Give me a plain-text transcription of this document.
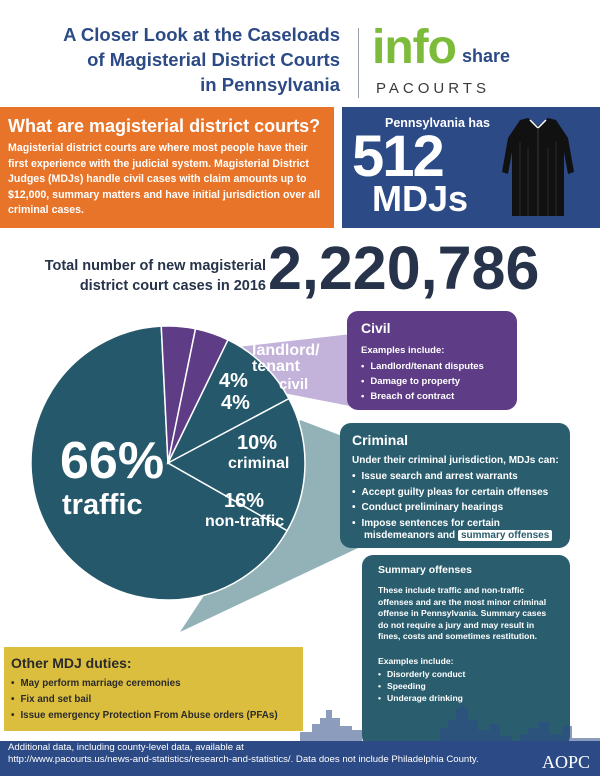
A Closer Look at the Caseloads
of Magisterial District Courts
in Pennsylvania
info share
PACOURTS
What are magisterial district courts?

Magisterial district courts are where most people have their first experience with the judicial system. Magisterial District Judges (MDJs) handle civil cases with claim amounts up to $12,000, summary matters and have initial jurisdiction over all criminal cases.

Pennsylvania has
512
MDJs
Total number of new magisterial
district court cases in 2016 2,220,786
66%
traffic
4%
landlord/
tenant
4%
civil
10%
criminal
16%
non-traffic
Civil
Examples include:
• Landlord/tenant disputes
• Damage to property
• Breach of contract
Criminal
Under their criminal jurisdiction, MDJs can:
• Issue search and arrest warrants
• Accept guilty pleas for certain offenses
• Conduct preliminary hearings
• Impose sentences for certain
misdemeanors and summary offenses
Summary offenses
These include traffic and non-traffic
offenses and are the most minor criminal
offense in Pennsylvania. Summary cases
do not require a jury and may result in
fines, costs and sometimes restitution.
Examples include:
• Disorderly conduct
• Speeding
• Underage drinking
Other MDJ duties:
• May perform marriage ceremonies
• Fix and set bail
• Issue emergency Protection From Abuse orders (PFAs)
Additional data, including county-level data, available at
http://www.pacourts.us/news-and-statistics/research-and-statistics/. Data does not include Philadelphia County.	AOPC
